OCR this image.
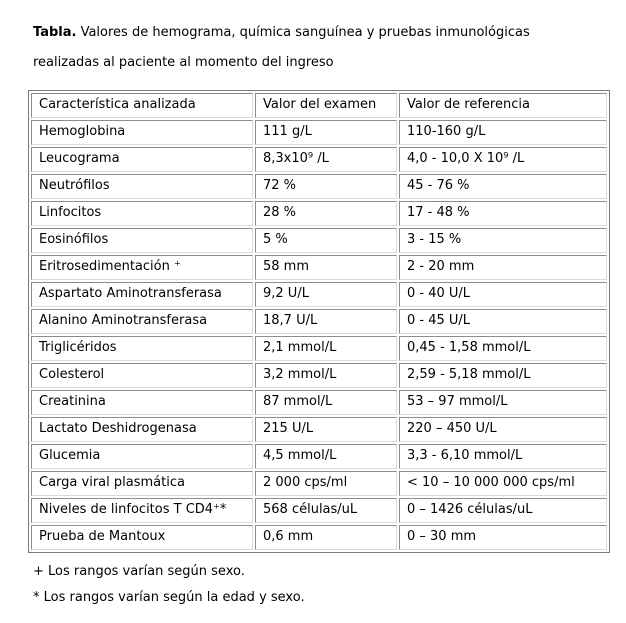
Tabla. Valores de hemograma, química sanguínea y pruebas inmunológicas
realizadas al paciente al momento del ingreso

Característica analizada	Valor del examen	Valor de referencia
Hemoglobina	111 g/L	110-160 g/L
Leucograma	8,3x10⁹ /L	4,0 - 10,0 X 10⁹ /L
Neutrófilos	72 %	45 - 76 %
Linfocitos	28 %	17 - 48 %
Eosinófilos	5 %	3 - 15 %
Eritrosedimentación ⁺	58 mm	2 - 20 mm
Aspartato Aminotransferasa	9,2 U/L	0 - 40 U/L
Alanino Aminotransferasa	18,7 U/L	0 - 45 U/L
Triglicéridos	2,1 mmol/L	0,45 - 1,58 mmol/L
Colesterol	3,2 mmol/L	2,59 - 5,18 mmol/L
Creatinina	87 mmol/L	53 – 97 mmol/L
Lactato Deshidrogenasa	215 U/L	220 – 450 U/L
Glucemia	4,5 mmol/L	3,3 - 6,10 mmol/L
Carga viral plasmática	2 000 cps/ml	< 10 – 10 000 000 cps/ml
Niveles de linfocitos T CD4⁺*	568 células/uL	0 – 1426 células/uL
Prueba de Mantoux	0,6 mm	0 – 30 mm

+ Los rangos varían según sexo.

* Los rangos varían según la edad y sexo.
